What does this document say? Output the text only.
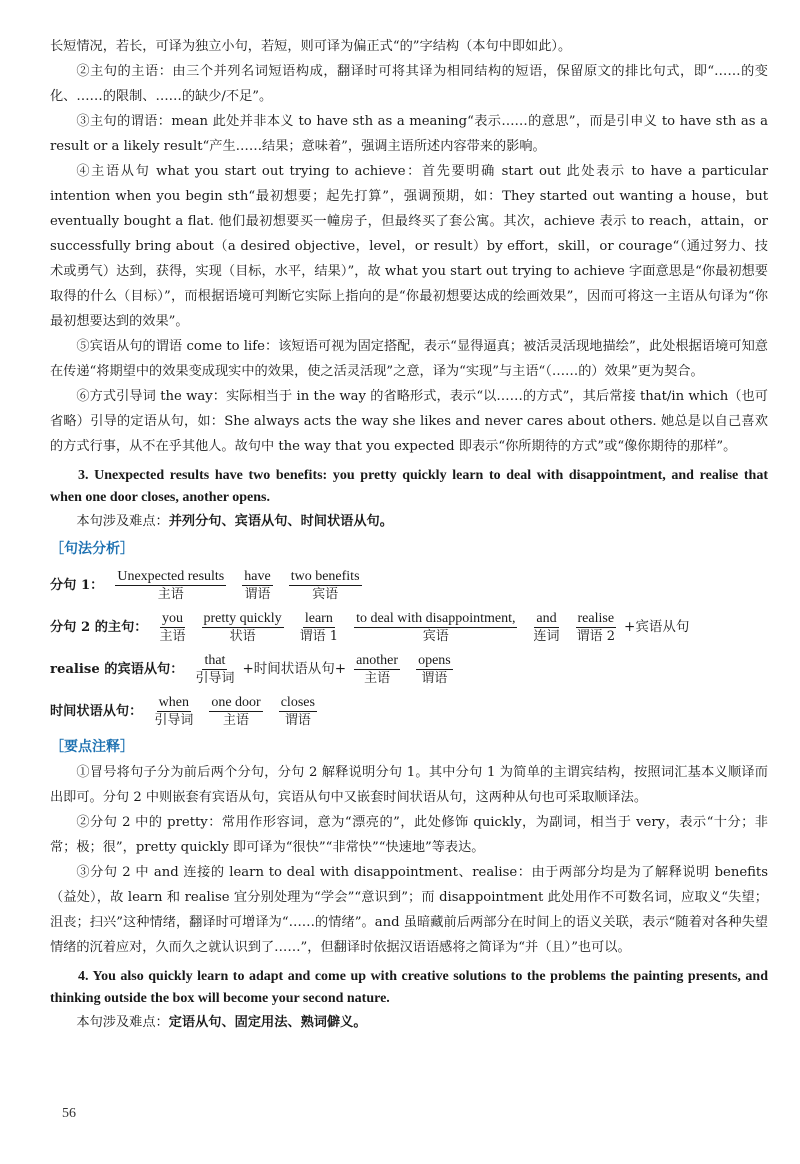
长短情况，若长，可译为独立小句，若短，则可译为偏正式“的”字结构（本句中即如此）。

②主句的主语：由三个并列名词短语构成，翻译时可将其译为相同结构的短语，保留原文的排比句式，即“……的变化、……的限制、……的缺少/不足”。

③主句的谓语：mean 此处并非本义 to have sth as a meaning“表示……的意思”，而是引申义 to have sth as a result or a likely result“产生……结果；意味着”，强调主语所述内容带来的影响。

④主语从句 what you start out trying to achieve：首先要明确 start out 此处表示 to have a particular intention when you begin sth“最初想要；起先打算”，强调预期，如：They started out wanting a house，but eventually bought a flat. 他们最初想要买一幢房子，但最终买了套公寓。其次，achieve 表示 to reach，attain，or successfully bring about（a desired objective，level，or result）by effort，skill，or courage“（通过努力、技术或勇气）达到，获得，实现（目标，水平，结果）”，故 what you start out trying to achieve 字面意思是“你最初想要取得的什么（目标）”，而根据语境可判断它实际上指向的是“你最初想要达成的绘画效果”，因而可将这一主语从句译为“你最初想要达到的效果”。

⑤宾语从句的谓语 come to life：该短语可视为固定搭配，表示“显得逼真；被活灵活现地描绘”，此处根据语境可知意在传递“将期望中的效果变成现实中的效果，使之活灵活现”之意，译为“实现”与主语“（……的）效果”更为契合。

⑥方式引导词 the way：实际相当于 in the way 的省略形式，表示“以……的方式”，其后常接 that/in which（也可省略）引导的定语从句，如：She always acts the way she likes and never cares about others. 她总是以自己喜欢的方式行事，从不在乎其他人。故句中 the way that you expected 即表示“你所期待的方式”或“像你期待的那样”。

3. Unexpected results have two benefits: you pretty quickly learn to deal with disappointment, and realise that when one door closes, another opens.

本句涉及难点：并列分句、宾语从句、时间状语从句。

［句法分析］
分句 1：
Unexpected results
主语
have
谓语
two benefits
宾语
分句 2 的主句：
you
主语
pretty quickly
状语
learn
谓语 1
to deal with disappointment,
宾语
and
连词
realise
谓语 2
+宾语从句
realise 的宾语从句：
that
引导词
+时间状语从句+
another
主语
opens
谓语
时间状语从句：
when
引导词
one door
主语
closes
谓语
［要点注释］

①冒号将句子分为前后两个分句，分句 2 解释说明分句 1。其中分句 1 为简单的主谓宾结构，按照词汇基本义顺译而出即可。分句 2 中则嵌套有宾语从句，宾语从句中又嵌套时间状语从句，这两种从句也可采取顺译法。

②分句 2 中的 pretty：常用作形容词，意为“漂亮的”，此处修饰 quickly，为副词，相当于 very，表示“十分；非常；极；很”，pretty quickly 即可译为“很快”“非常快”“快速地”等表达。

③分句 2 中 and 连接的 learn to deal with disappointment、realise：由于两部分均是为了解释说明 benefits（益处），故 learn 和 realise 宜分别处理为“学会”“意识到”；而 disappointment 此处用作不可数名词，应取义“失望；沮丧；扫兴”这种情绪，翻译时可增译为“……的情绪”。and 虽暗藏前后两部分在时间上的语义关联，表示“随着对各种失望情绪的沉着应对，久而久之就认识到了……”，但翻译时依据汉语语感将之简译为“并（且）”也可以。

4. You also quickly learn to adapt and come up with creative solutions to the problems the painting presents, and thinking outside the box will become your second nature.

本句涉及难点：定语从句、固定用法、熟词僻义。

56
